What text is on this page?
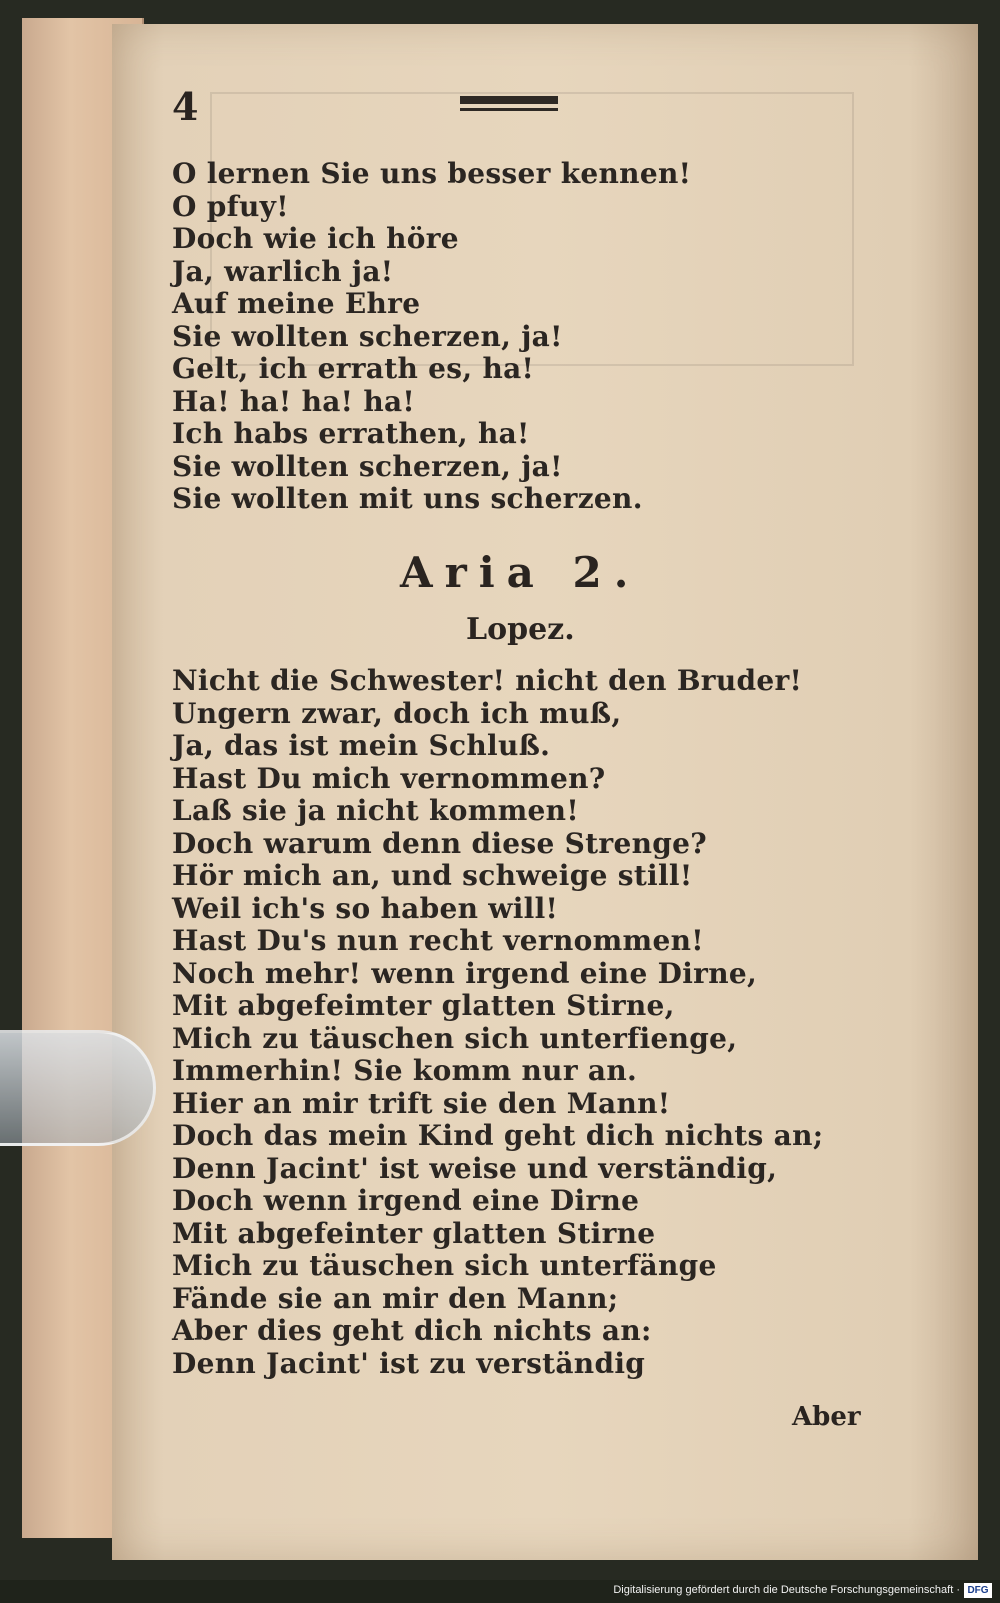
4
O lernen Sie uns besser kennen!
O pfuy!
Doch wie ich höre
Ja, warlich ja!
Auf meine Ehre
Sie wollten scherzen, ja!
Gelt, ich errath es, ha!
Ha! ha! ha! ha!
Ich habs errathen, ha!
Sie wollten scherzen, ja!
Sie wollten mit uns scherzen.
Aria 2.
Lopez.
Nicht die Schwester! nicht den Bruder!
Ungern zwar, doch ich muß,
Ja, das ist mein Schluß.
Hast Du mich vernommen?
Laß sie ja nicht kommen!
Doch warum denn diese Strenge?
Hör mich an, und schweige still!
Weil ich's so haben will!
Hast Du's nun recht vernommen!
Noch mehr! wenn irgend eine Dirne,
Mit abgefeimter glatten Stirne,
Mich zu täuschen sich unterfienge,
Immerhin! Sie komm nur an.
Hier an mir trift sie den Mann!
Doch das mein Kind geht dich nichts an;
Denn Jacint' ist weise und verständig,
Doch wenn irgend eine Dirne
Mit abgefeinter glatten Stirne
Mich zu täuschen sich unterfänge
Fände sie an mir den Mann;
Aber dies geht dich nichts an:
Denn Jacint' ist zu verständig
Aber
Digitalisierung gefördert durch die Deutsche Forschungsgemeinschaft · DFG
